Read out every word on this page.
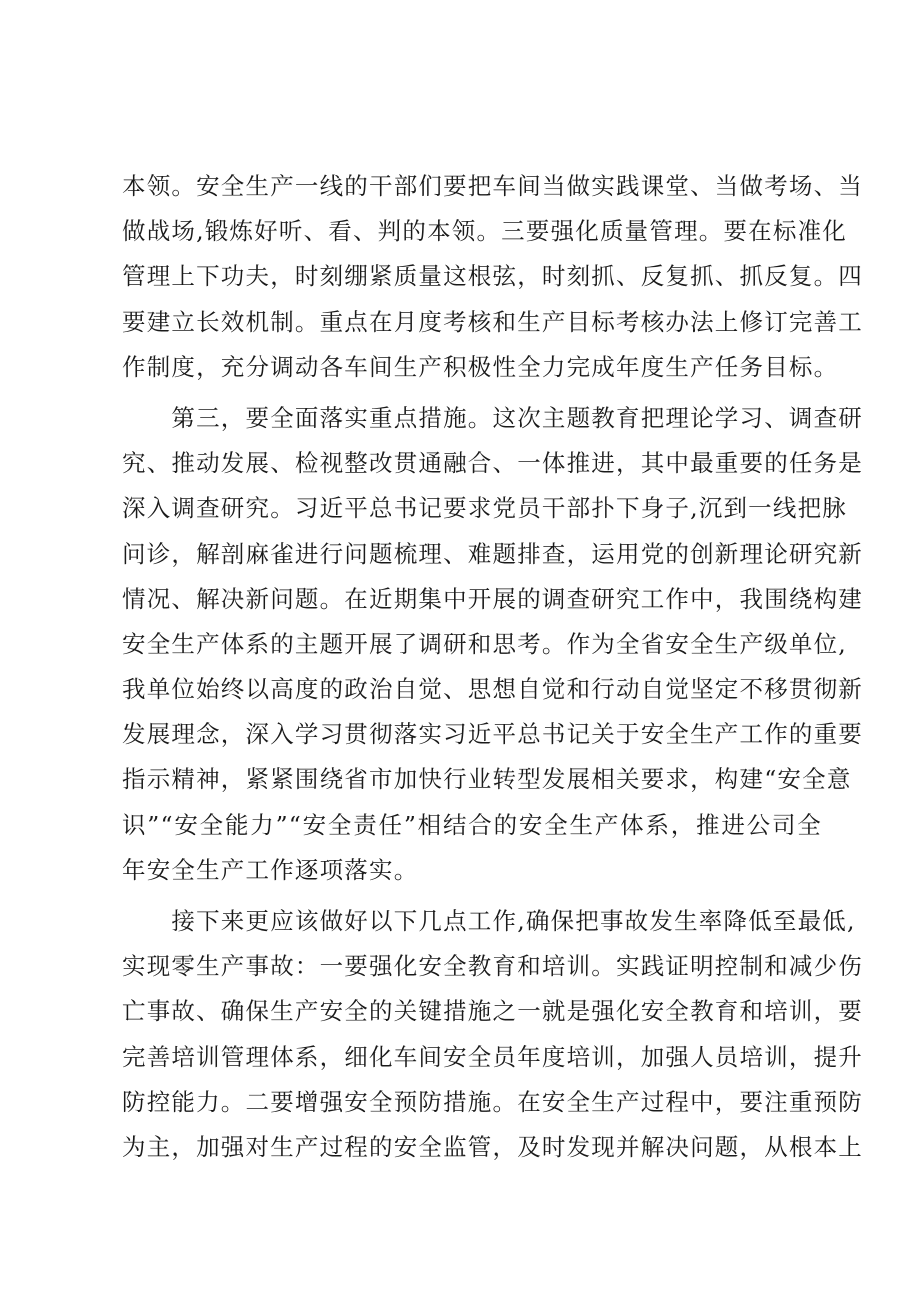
本领。安全生产一线的干部们要把车间当做实践课堂、当做考场、当
做战场,锻炼好听、看、判的本领。三要强化质量管理。要在标准化
管理上下功夫，时刻绷紧质量这根弦，时刻抓、反复抓、抓反复。四
要建立长效机制。重点在月度考核和生产目标考核办法上修订完善工
作制度，充分调动各车间生产积极性全力完成年度生产任务目标。
　　第三，要全面落实重点措施。这次主题教育把理论学习、调查研
究、推动发展、检视整改贯通融合、一体推进，其中最重要的任务是
深入调查研究。习近平总书记要求党员干部扑下身子,沉到一线把脉
问诊，解剖麻雀进行问题梳理、难题排查，运用党的创新理论研究新
情况、解决新问题。在近期集中开展的调查研究工作中，我围绕构建
安全生产体系的主题开展了调研和思考。作为全省安全生产级单位,
我单位始终以高度的政治自觉、思想自觉和行动自觉坚定不移贯彻新
发展理念，深入学习贯彻落实习近平总书记关于安全生产工作的重要
指示精神，紧紧围绕省市加快行业转型发展相关要求，构建“安全意
识”“安全能力”“安全责任”相结合的安全生产体系，推进公司全
年安全生产工作逐项落实。
　　接下来更应该做好以下几点工作,确保把事故发生率降低至最低,
实现零生产事故：一要强化安全教育和培训。实践证明控制和减少伤
亡事故、确保生产安全的关键措施之一就是强化安全教育和培训，要
完善培训管理体系，细化车间安全员年度培训，加强人员培训，提升
防控能力。二要增强安全预防措施。在安全生产过程中，要注重预防
为主，加强对生产过程的安全监管，及时发现并解决问题，从根本上
